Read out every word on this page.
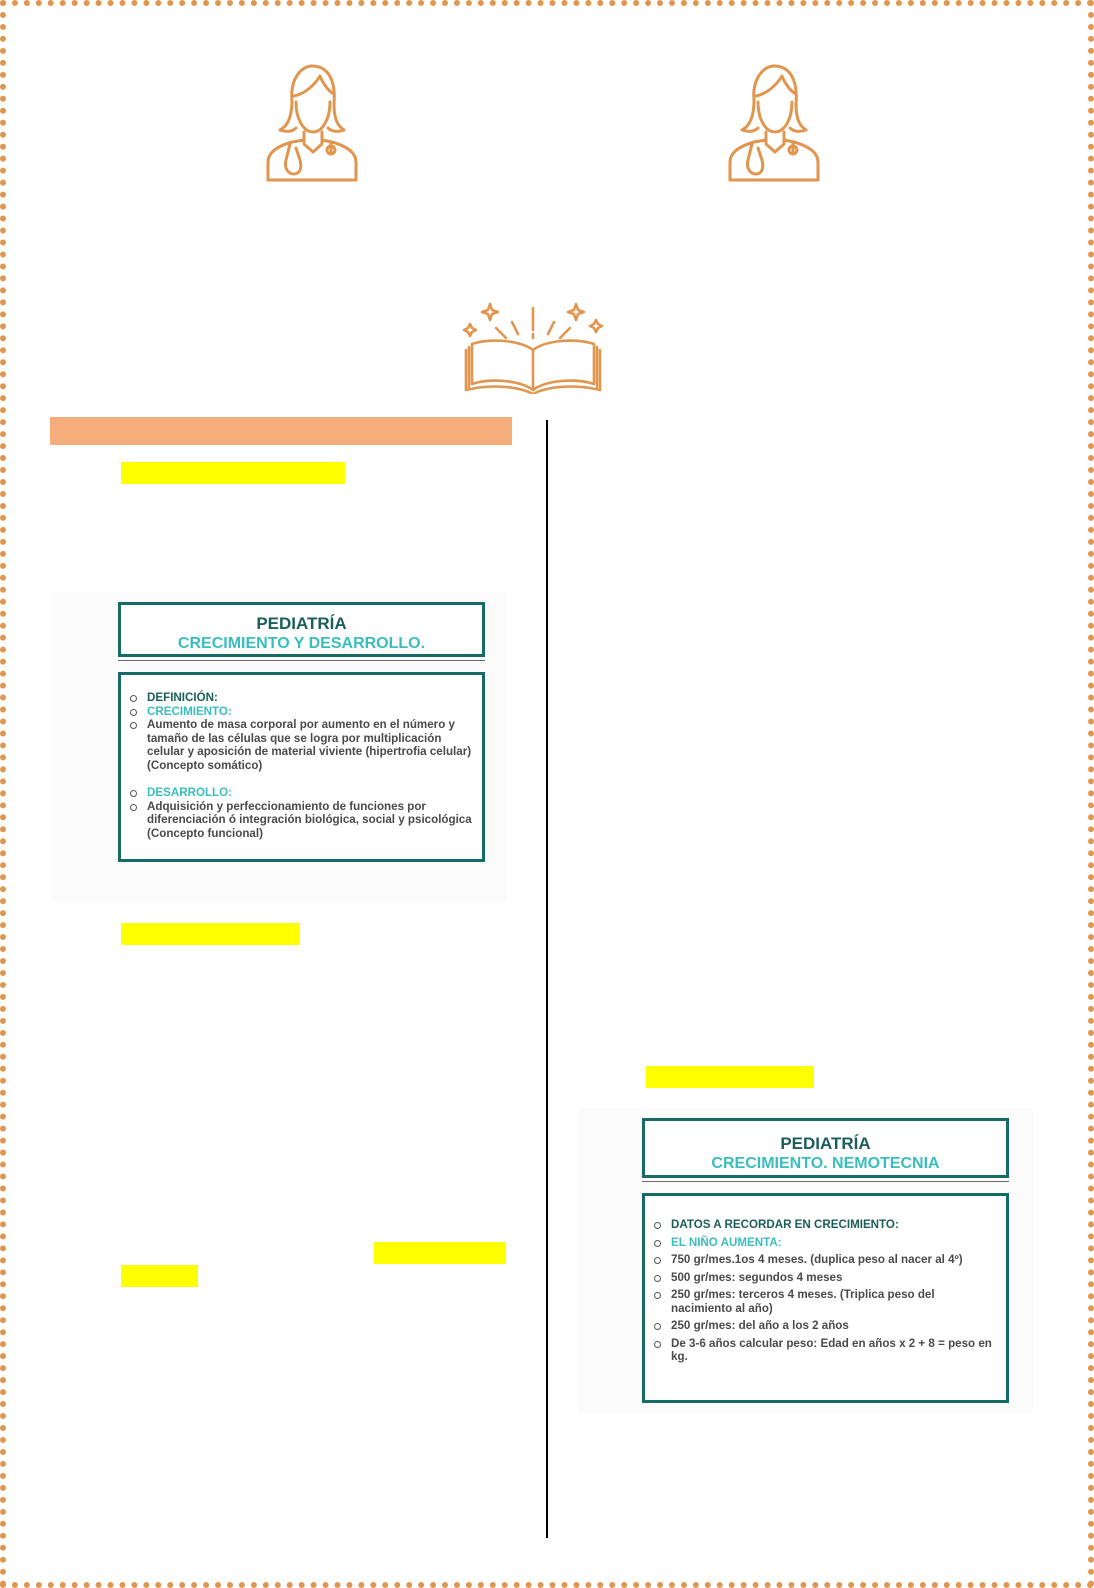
PEDIATRÍA
CRECIMIENTO Y DESARROLLO.
DEFINICIÓN:
CRECIMIENTO:
Aumento de masa corporal por aumento en el número y tamaño de las células que se logra por multiplicación celular y aposición de material viviente (hipertrofia celular) (Concepto somático)
DESARROLLO:
Adquisición y perfeccionamiento de funciones por diferenciación ó integración biológica, social y psicológica (Concepto funcional)
PEDIATRÍA
CRECIMIENTO. NEMOTECNIA
DATOS A RECORDAR EN CRECIMIENTO:
EL NIÑO AUMENTA:
750 gr/mes.1os 4 meses. (duplica peso al nacer al 4º)
500 gr/mes: segundos 4 meses
250 gr/mes: terceros 4 meses. (Triplica peso del nacimiento al año)
250 gr/mes: del año a los 2 años
De 3-6 años calcular peso: Edad en años x 2 + 8 = peso en kg.
